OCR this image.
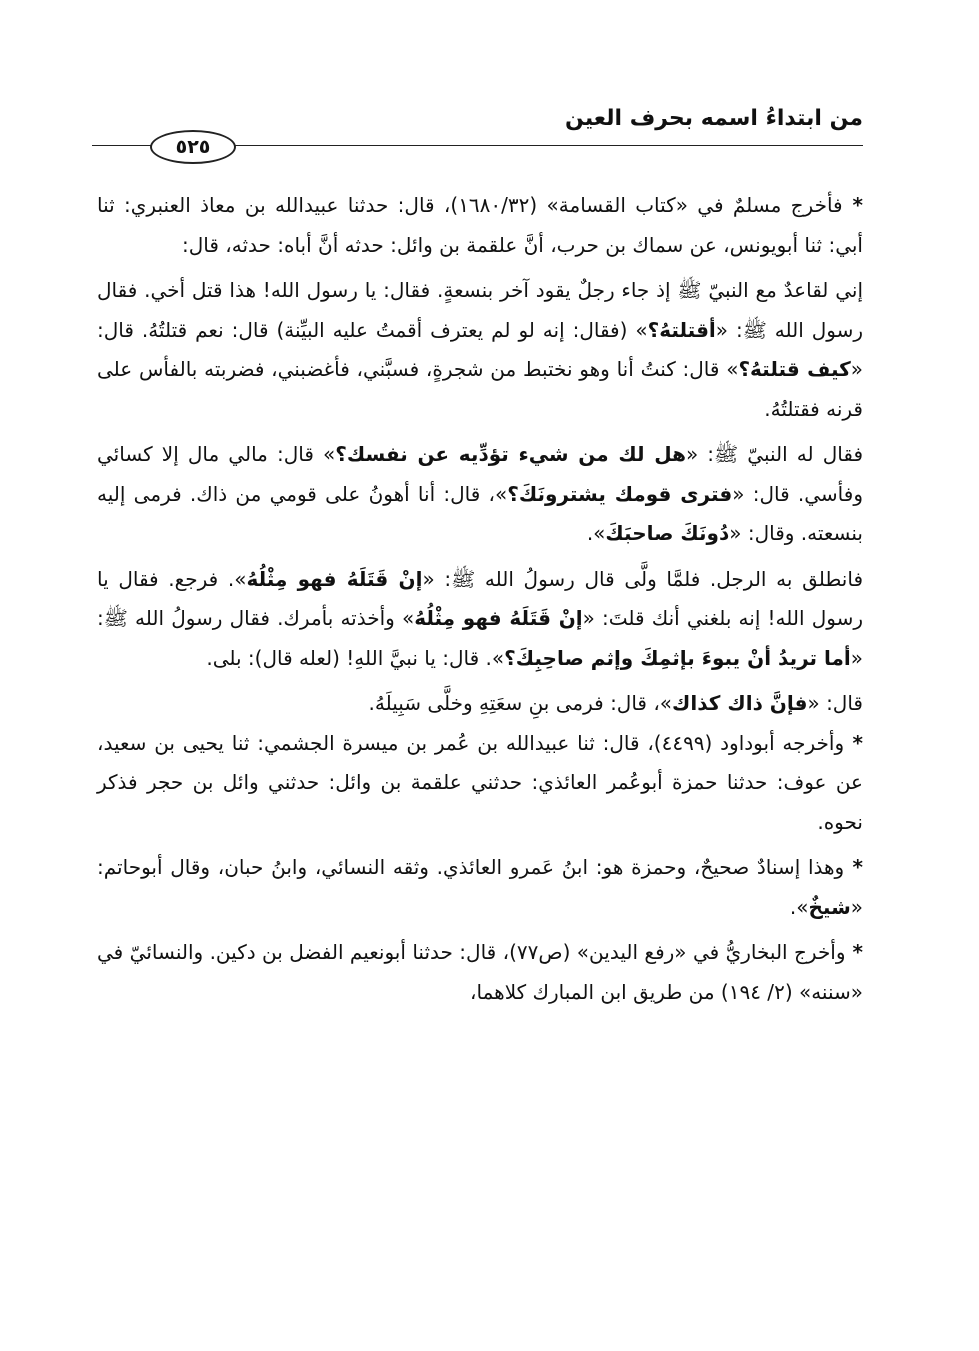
من ابتداءُ اسمه بحرف العين
٥٢٥

* فأخرج مسلمٌ في «كتاب القسامة» (١٦٨٠/٣٢)، قال: حدثنا عبيدالله بن معاذ العنبري: ثنا أبي: ثنا أبويونس، عن سماك بن حرب، أنَّ علقمة بن وائل: حدثه أنَّ أباه: حدثه، قال:

إني لقاعدٌ مع النبيّ ﷺ إذ جاء رجلٌ يقود آخر بنسعةٍ. فقال: يا رسول الله! هذا قتل أخي. فقال رسول الله ﷺ: «أقتلتهُ؟» (فقال: إنه لو لم يعترف أقمتُ عليه البيِّنة) قال: نعم قتلتُهُ. قال: «كيف قتلتهُ؟» قال: كنتُ أنا وهو نختبط من شجرةٍ، فسبَّني، فأغضبني، فضربته بالفأس على قرنه فقتلتُهُ.

فقال له النبيّ ﷺ: «هل لك من شيء تؤدِّيه عن نفسك؟» قال: مالي مال إلا كسائي وفأسي. قال: «فترى قومك يشترونَكَ؟»، قال: أنا أهونُ على قومي من ذاك. فرمى إليه بنسعته. وقال: «دُونَكَ صاحبَكَ».

فانطلق به الرجل. فلمَّا ولَّى قال رسولُ الله ﷺ: «إنْ قَتَلَهُ فهو مِثْلُهُ». فرجع. فقال يا رسول الله! إنه بلغني أنك قلتَ: «إنْ قَتَلَهُ فهو مِثْلُهُ» وأخذته بأمرك. فقال رسولُ الله ﷺ: «أما تريدُ أنْ يبوءَ بإثمِكَ وإثم صاحِبِكَ؟». قال: يا نبيَّ اللهِ! (لعله قال): بلى.

قال: «فإنَّ ذاك كذاك»، قال: فرمى بنِ سعَتِهِ وخلَّى سَبِيلَهُ.

* وأخرجه أبوداود (٤٤٩٩)، قال: ثنا عبيدالله بن عُمر بن ميسرة الجشمي: ثنا يحيى بن سعيد، عن عوف: حدثنا حمزة أبوعُمر العائذي: حدثني علقمة بن وائل: حدثني وائل بن حجر فذكر نحوه.

* وهذا إسنادٌ صحيحٌ، وحمزة هو: ابنُ عَمرو العائذي. وثقه النسائي، وابنُ حبان، وقال أبوحاتم: «شيخٌ».

* وأخرج البخاريُّ في «رفع اليدين» (ص٧٧)، قال: حدثنا أبونعيم الفضل بن دكين. والنسائيّ في «سننه» (٢/ ١٩٤) من طريق ابن المبارك كلاهما،
